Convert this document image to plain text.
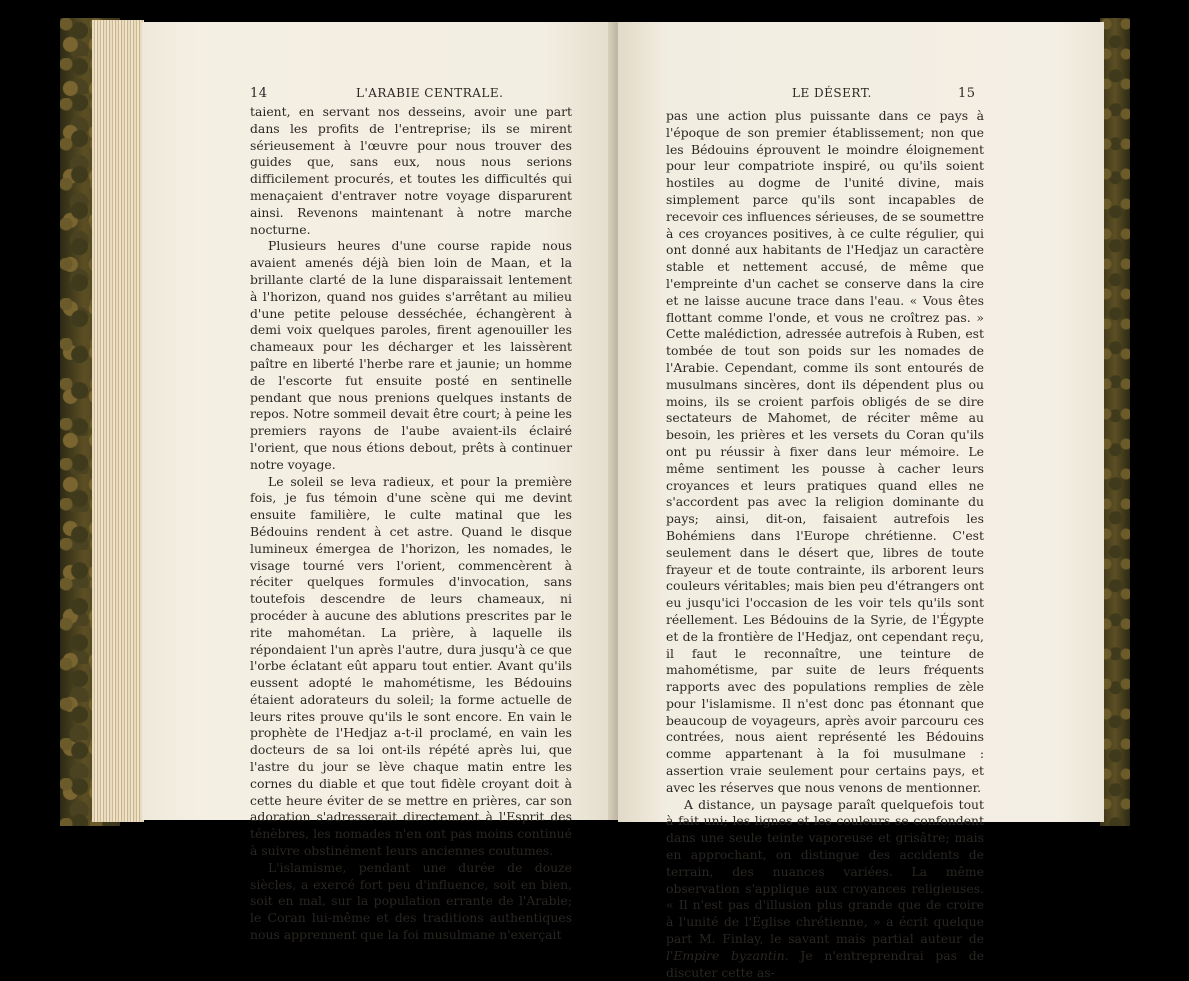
14	L'ARABIE CENTRALE.

taient, en servant nos desseins, avoir une part dans les profits de l'entreprise; ils se mirent sérieusement à l'œuvre pour nous trouver des guides que, sans eux, nous nous serions difficilement procurés, et toutes les difficultés qui menaçaient d'entraver notre voyage disparurent ainsi. Revenons maintenant à notre marche nocturne.

Plusieurs heures d'une course rapide nous avaient amenés déjà bien loin de Maan, et la brillante clarté de la lune disparaissait lentement à l'horizon, quand nos guides s'arrêtant au milieu d'une petite pelouse desséchée, échangèrent à demi voix quelques paroles, firent agenouiller les chameaux pour les décharger et les laissèrent paître en liberté l'herbe rare et jaunie; un homme de l'escorte fut ensuite posté en sentinelle pendant que nous prenions quelques instants de repos. Notre sommeil devait être court; à peine les premiers rayons de l'aube avaient-ils éclairé l'orient, que nous étions debout, prêts à continuer notre voyage.

Le soleil se leva radieux, et pour la première fois, je fus témoin d'une scène qui me devint ensuite familière, le culte matinal que les Bédouins rendent à cet astre. Quand le disque lumineux émergea de l'horizon, les nomades, le visage tourné vers l'orient, commencèrent à réciter quelques formules d'invocation, sans toutefois descendre de leurs chameaux, ni procéder à aucune des ablutions prescrites par le rite mahométan. La prière, à laquelle ils répondaient l'un après l'autre, dura jusqu'à ce que l'orbe éclatant eût apparu tout entier. Avant qu'ils eussent adopté le mahométisme, les Bédouins étaient adorateurs du soleil; la forme actuelle de leurs rites prouve qu'ils le sont encore. En vain le prophète de l'Hedjaz a-t-il proclamé, en vain les docteurs de sa loi ont-ils répété après lui, que l'astre du jour se lève chaque matin entre les cornes du diable et que tout fidèle croyant doit à cette heure éviter de se mettre en prières, car son adoration s'adresserait directement à l'Esprit des ténèbres, les nomades n'en ont pas moins continué à suivre obstinément leurs anciennes coutumes.

L'islamisme, pendant une durée de douze siècles, a exercé fort peu d'influence, soit en bien, soit en mal, sur la population errante de l'Arabie; le Coran lui-même et des traditions authentiques nous apprennent que la foi musulmane n'exerçait

LE DÉSERT.	15

pas une action plus puissante dans ce pays à l'époque de son premier établissement; non que les Bédouins éprouvent le moindre éloignement pour leur compatriote inspiré, ou qu'ils soient hostiles au dogme de l'unité divine, mais simplement parce qu'ils sont incapables de recevoir ces influences sérieuses, de se soumettre à ces croyances positives, à ce culte régulier, qui ont donné aux habitants de l'Hedjaz un caractère stable et nettement accusé, de même que l'empreinte d'un cachet se conserve dans la cire et ne laisse aucune trace dans l'eau. « Vous êtes flottant comme l'onde, et vous ne croîtrez pas. » Cette malédiction, adressée autrefois à Ruben, est tombée de tout son poids sur les nomades de l'Arabie. Cependant, comme ils sont entourés de musulmans sincères, dont ils dépendent plus ou moins, ils se croient parfois obligés de se dire sectateurs de Mahomet, de réciter même au besoin, les prières et les versets du Coran qu'ils ont pu réussir à fixer dans leur mémoire. Le même sentiment les pousse à cacher leurs croyances et leurs pratiques quand elles ne s'accordent pas avec la religion dominante du pays; ainsi, dit-on, faisaient autrefois les Bohémiens dans l'Europe chrétienne. C'est seulement dans le désert que, libres de toute frayeur et de toute contrainte, ils arborent leurs couleurs véritables; mais bien peu d'étrangers ont eu jusqu'ici l'occasion de les voir tels qu'ils sont réellement. Les Bédouins de la Syrie, de l'Égypte et de la frontière de l'Hedjaz, ont cependant reçu, il faut le reconnaître, une teinture de mahométisme, par suite de leurs fréquents rapports avec des populations remplies de zèle pour l'islamisme. Il n'est donc pas étonnant que beaucoup de voyageurs, après avoir parcouru ces contrées, nous aient représenté les Bédouins comme appartenant à la foi musulmane : assertion vraie seulement pour certains pays, et avec les réserves que nous venons de mentionner.

A distance, un paysage paraît quelquefois tout à fait uni; les lignes et les couleurs se confondent dans une seule teinte vaporeuse et grisâtre; mais en approchant, on distingue des accidents de terrain, des nuances variées. La même observation s'applique aux croyances religieuses. « Il n'est pas d'illusion plus grande que de croire à l'unité de l'Église chrétienne, » a écrit quelque part M. Finlay, le savant mais partial auteur de l'Empire byzantin. Je n'entreprendrai pas de discuter cette as-
